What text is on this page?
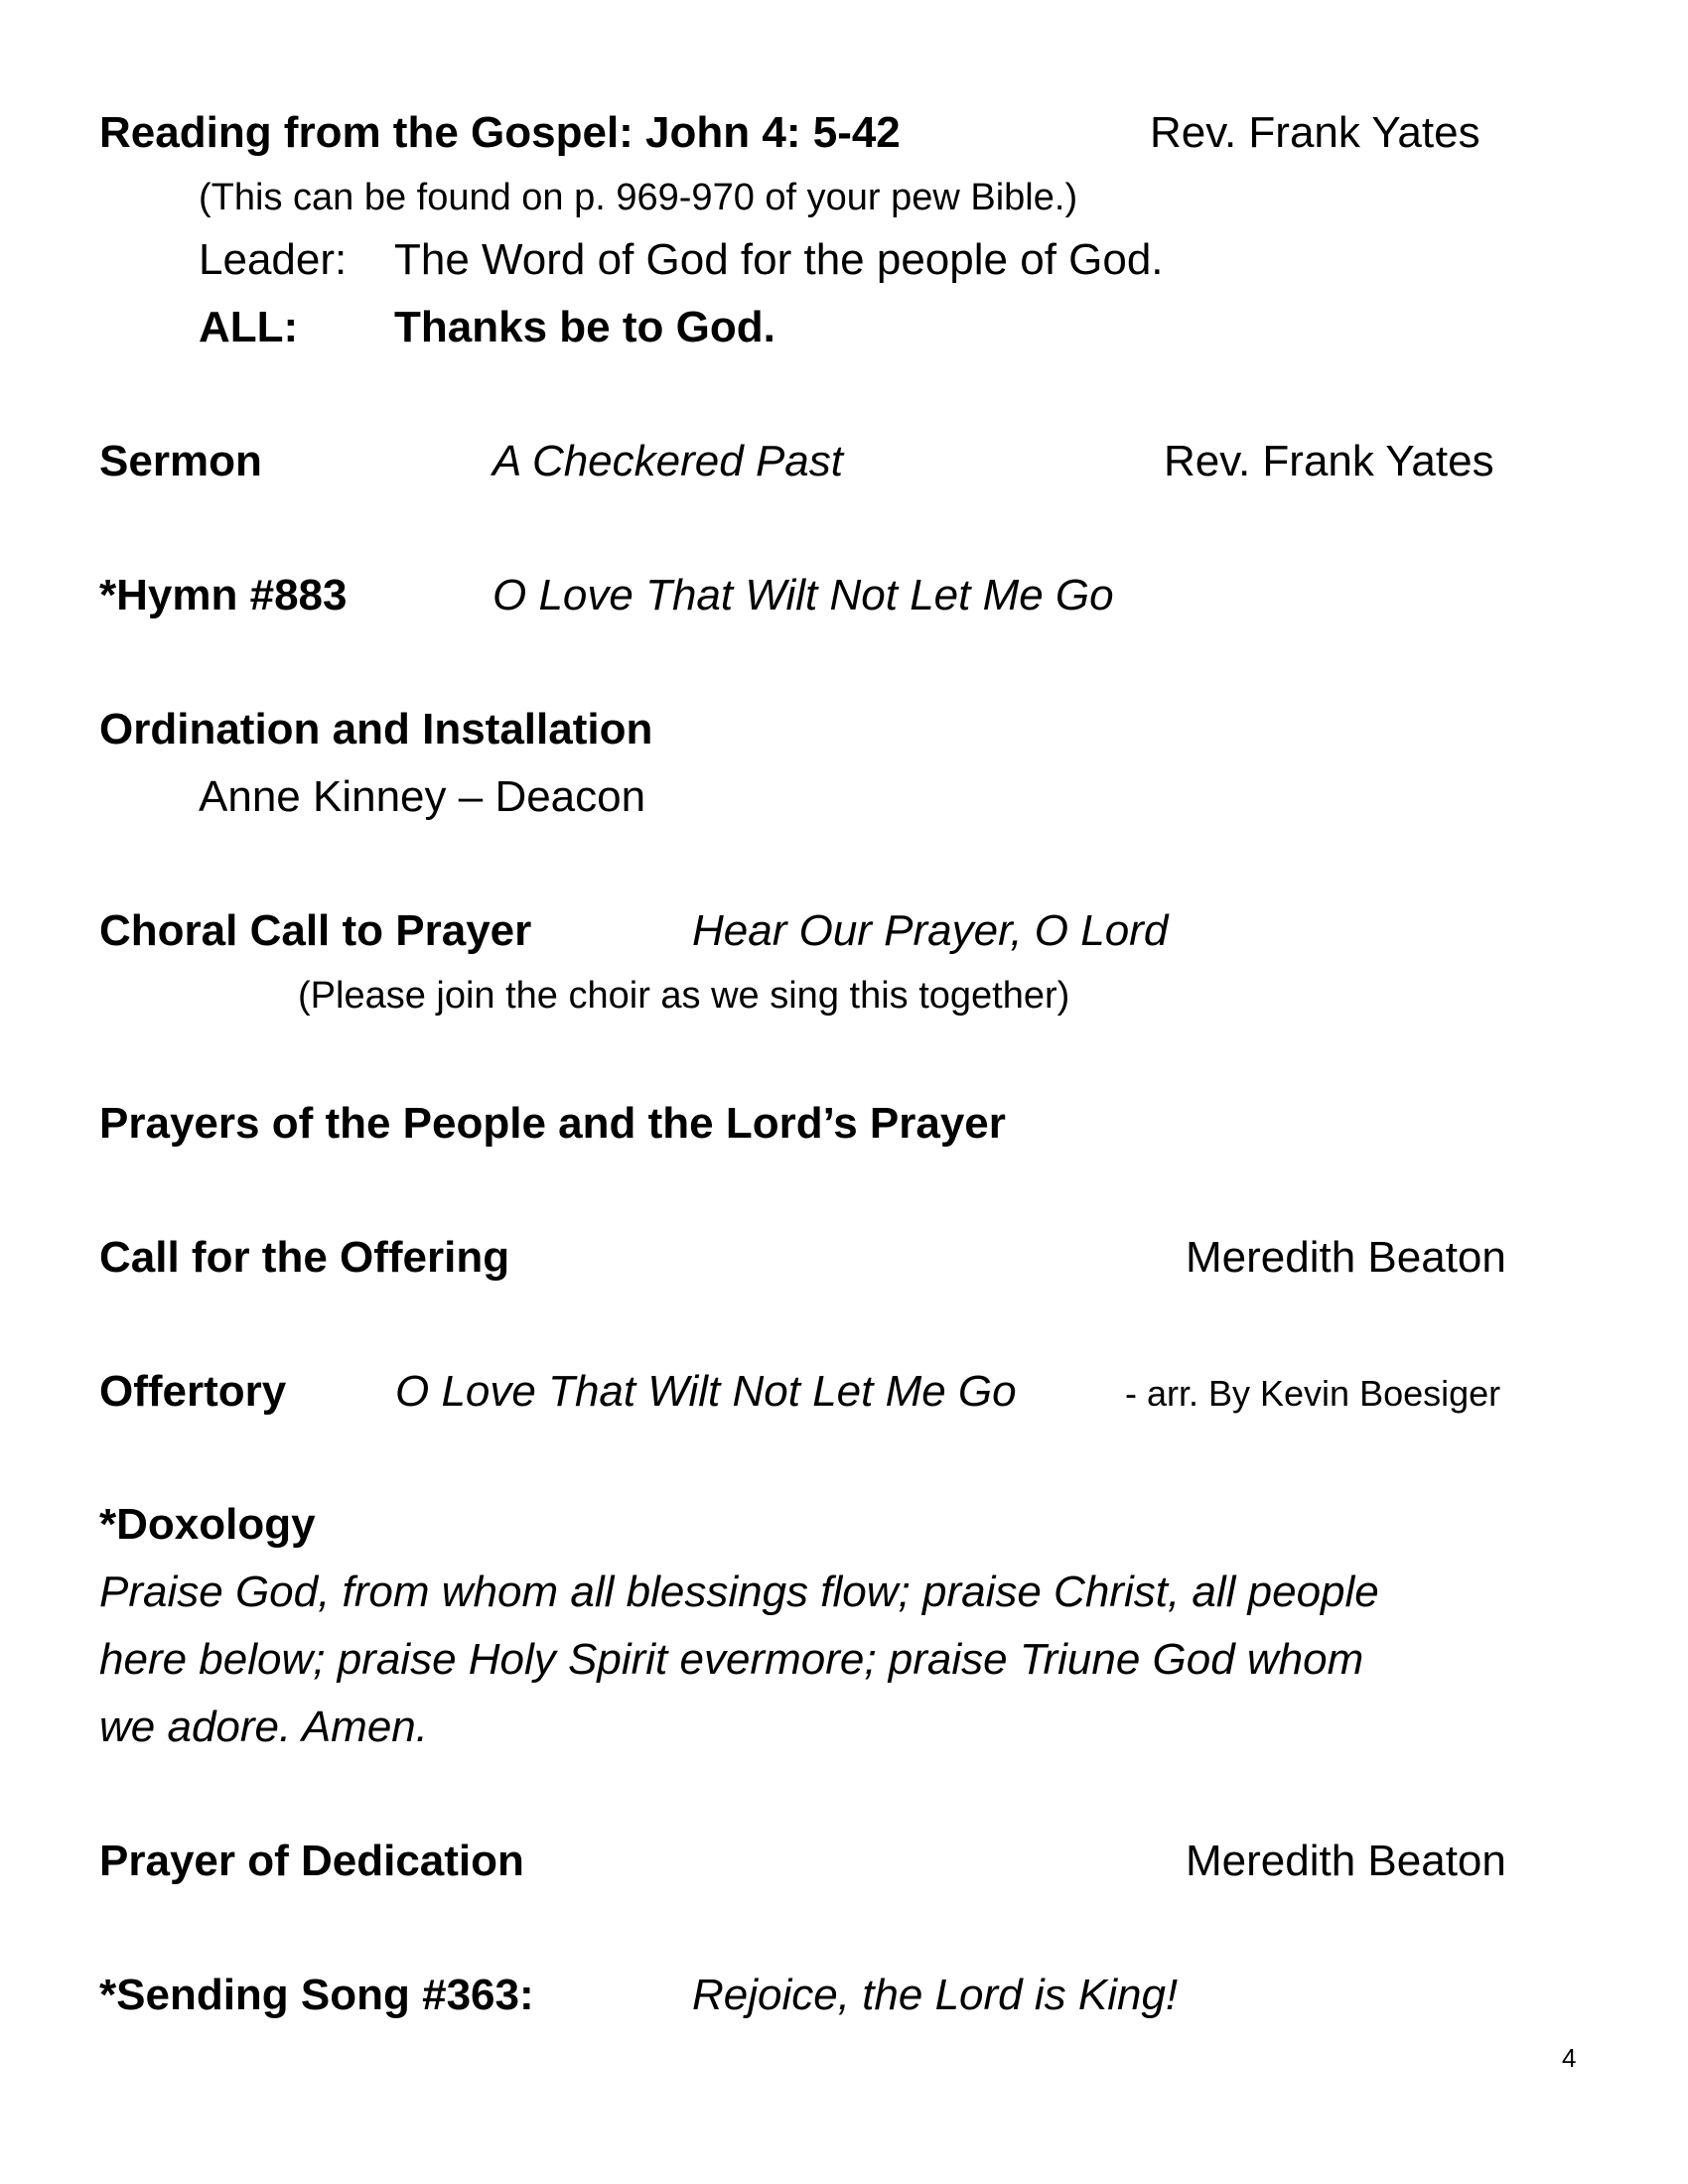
Reading from the Gospel: John 4: 5-42	Rev. Frank Yates
(This can be found on p. 969-970 of your pew Bible.)
Leader: The Word of God for the people of God.
ALL: Thanks be to God.
Sermon	A Checkered Past	Rev. Frank Yates
*Hymn #883	O Love That Wilt Not Let Me Go
Ordination and Installation
Anne Kinney – Deacon
Choral Call to Prayer	Hear Our Prayer, O Lord
(Please join the choir as we sing this together)
Prayers of the People and the Lord’s Prayer
Call for the Offering	Meredith Beaton
Offertory O Love That Wilt Not Let Me Go	- arr. By Kevin Boesiger
*Doxology
Praise God, from whom all blessings flow; praise Christ, all people
here below; praise Holy Spirit evermore; praise Triune God whom
we adore. Amen.
Prayer of Dedication	Meredith Beaton
*Sending Song #363:	Rejoice, the Lord is King!
4
